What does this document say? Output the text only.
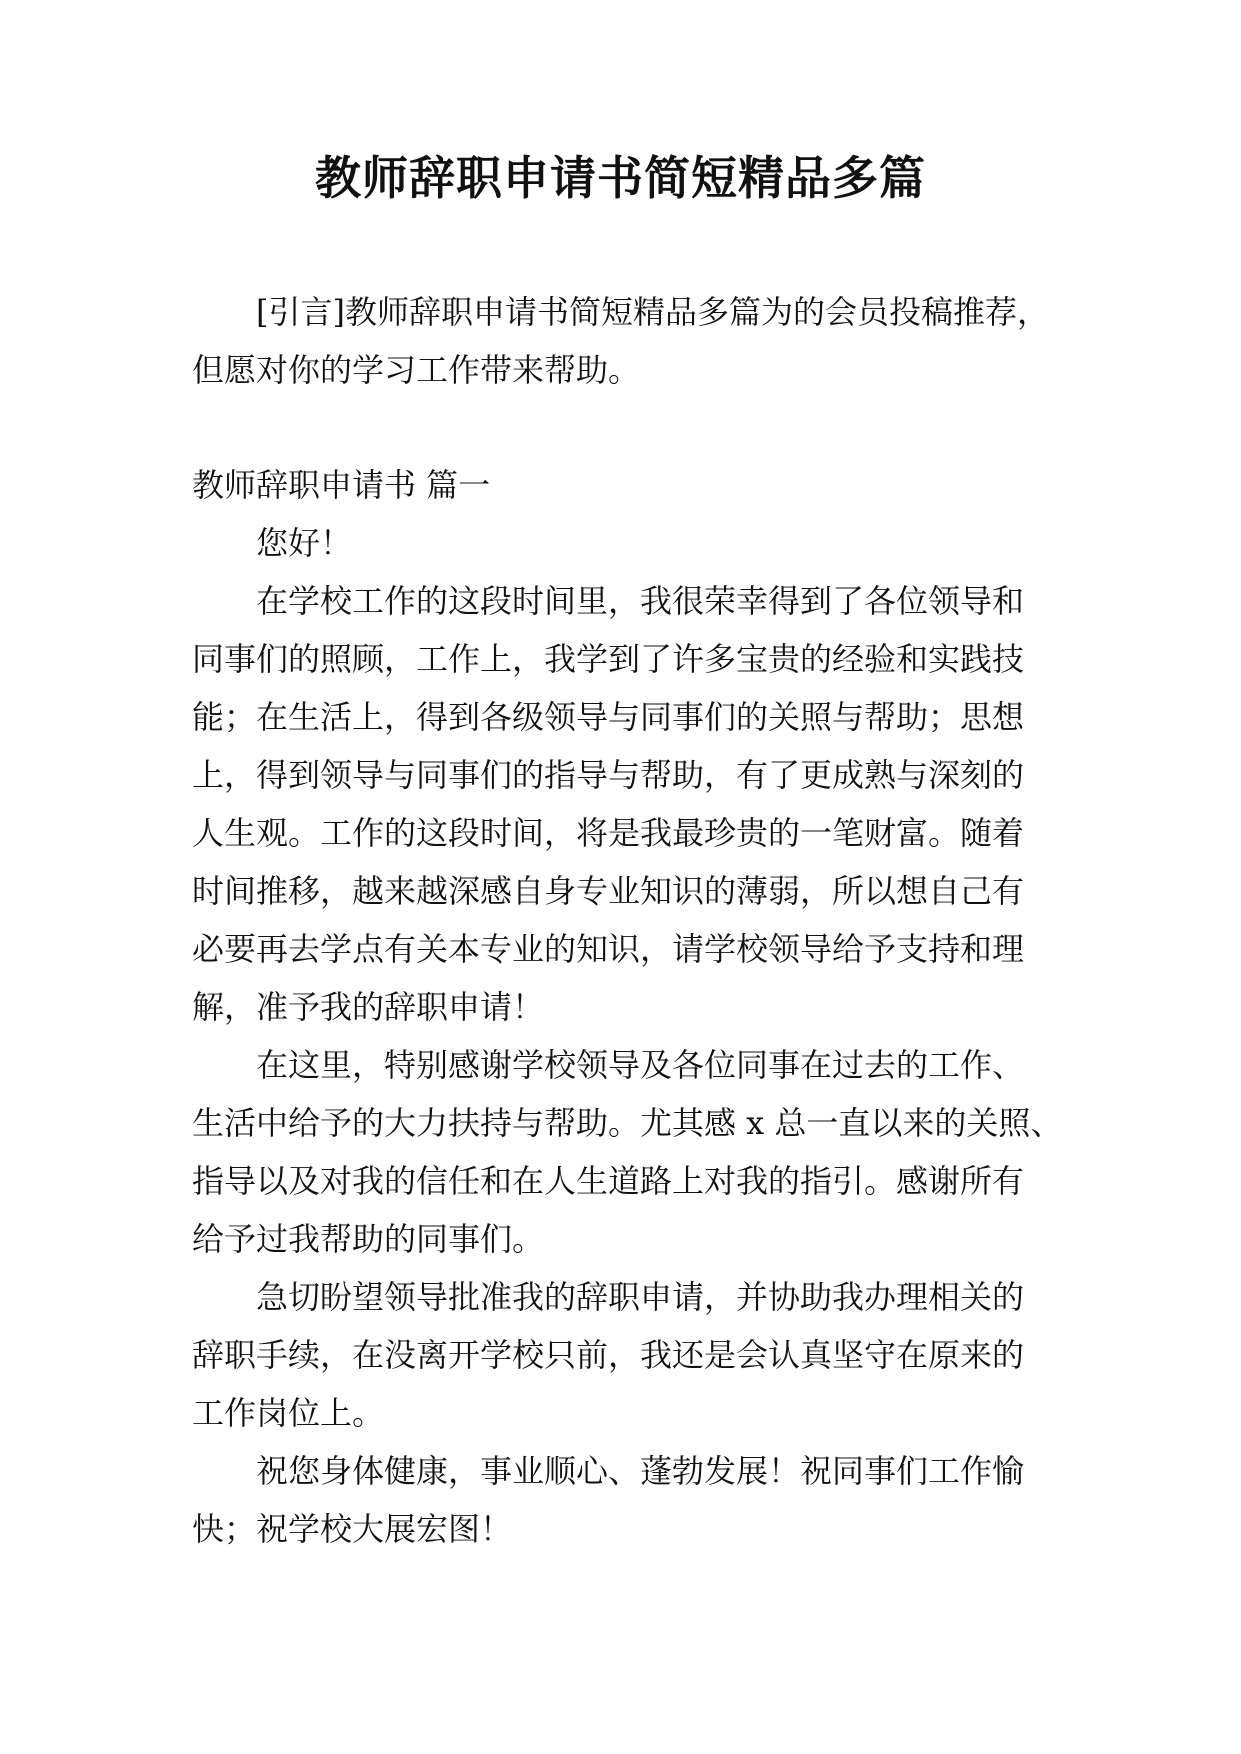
教师辞职申请书简短精品多篇
[引言]教师辞职申请书简短精品多篇为的会员投稿推荐，
但愿对你的学习工作带来帮助。
教师辞职申请书 篇一
您好！
在学校工作的这段时间里，我很荣幸得到了各位领导和
同事们的照顾，工作上，我学到了许多宝贵的经验和实践技
能；在生活上，得到各级领导与同事们的关照与帮助；思想
上，得到领导与同事们的指导与帮助，有了更成熟与深刻的
人生观。工作的这段时间，将是我最珍贵的一笔财富。随着
时间推移，越来越深感自身专业知识的薄弱，所以想自己有
必要再去学点有关本专业的知识，请学校领导给予支持和理
解，准予我的辞职申请！
在这里，特别感谢学校领导及各位同事在过去的工作、
生活中给予的大力扶持与帮助。尤其感 x 总一直以来的关照、
指导以及对我的信任和在人生道路上对我的指引。感谢所有
给予过我帮助的同事们。
急切盼望领导批准我的辞职申请，并协助我办理相关的
辞职手续，在没离开学校只前，我还是会认真坚守在原来的
工作岗位上。
祝您身体健康，事业顺心、蓬勃发展！祝同事们工作愉
快；祝学校大展宏图！
